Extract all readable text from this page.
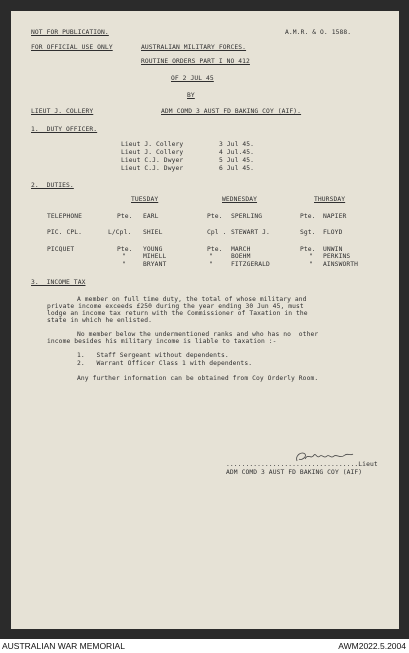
NOT FOR PUBLICATION.	A.M.R. & O. 1588.
FOR OFFICIAL USE ONLY	AUSTRALIAN MILITARY FORCES.
ROUTINE ORDERS PART I NO 412
OF 2 JUL 45
BY
LIEUT J. COLLERY	ADM COMD 3 AUST FD BAKING COY (AIF).
1.  DUTY OFFICER.
Lieut J. Collery	3 Jul 45.
Lieut J. Collery	4 Jul.45.
Lieut C.J. Dwyer	5 Jul 45.
Lieut C.J. Dwyer	6 Jul 45.
2.  DUTIES.
TUESDAY	WEDNESDAY	THURSDAY
TELEPHONE	Pte. EARL	Pte. SPERLING	Pte. NAPIER
PIC. CPL.	L/Cpl. SHIEL	Cpl . STEWART J.	Sgt. FLOYD
PICQUET	Pte. YOUNG	Pte. MARCH	Pte. UNWIN
"	MIHELL	"	BOEHM	" PERKINS
"	BRYANT	"	FITZGERALD	" AINSWORTH
3.  INCOME TAX
A member on full time duty, the total of whose military and
private income exceeds £250 during the year ending 30 Jun 45, must
lodge an income tax return with the Commissioner of Taxation in the
state in which he enlisted.
No member below the undermentioned ranks and who has no  other
income besides his military income is liable to taxation :-
1.   Staff Sergeant without dependents.
2.   Warrant Officer Class 1 with dependents.
Any further information can be obtained from Coy Orderly Room.
..................................Lieut
ADM COMD 3 AUST FD BAKING COY (AIF)
AUSTRALIAN WAR MEMORIAL	AWM2022.5.2004
